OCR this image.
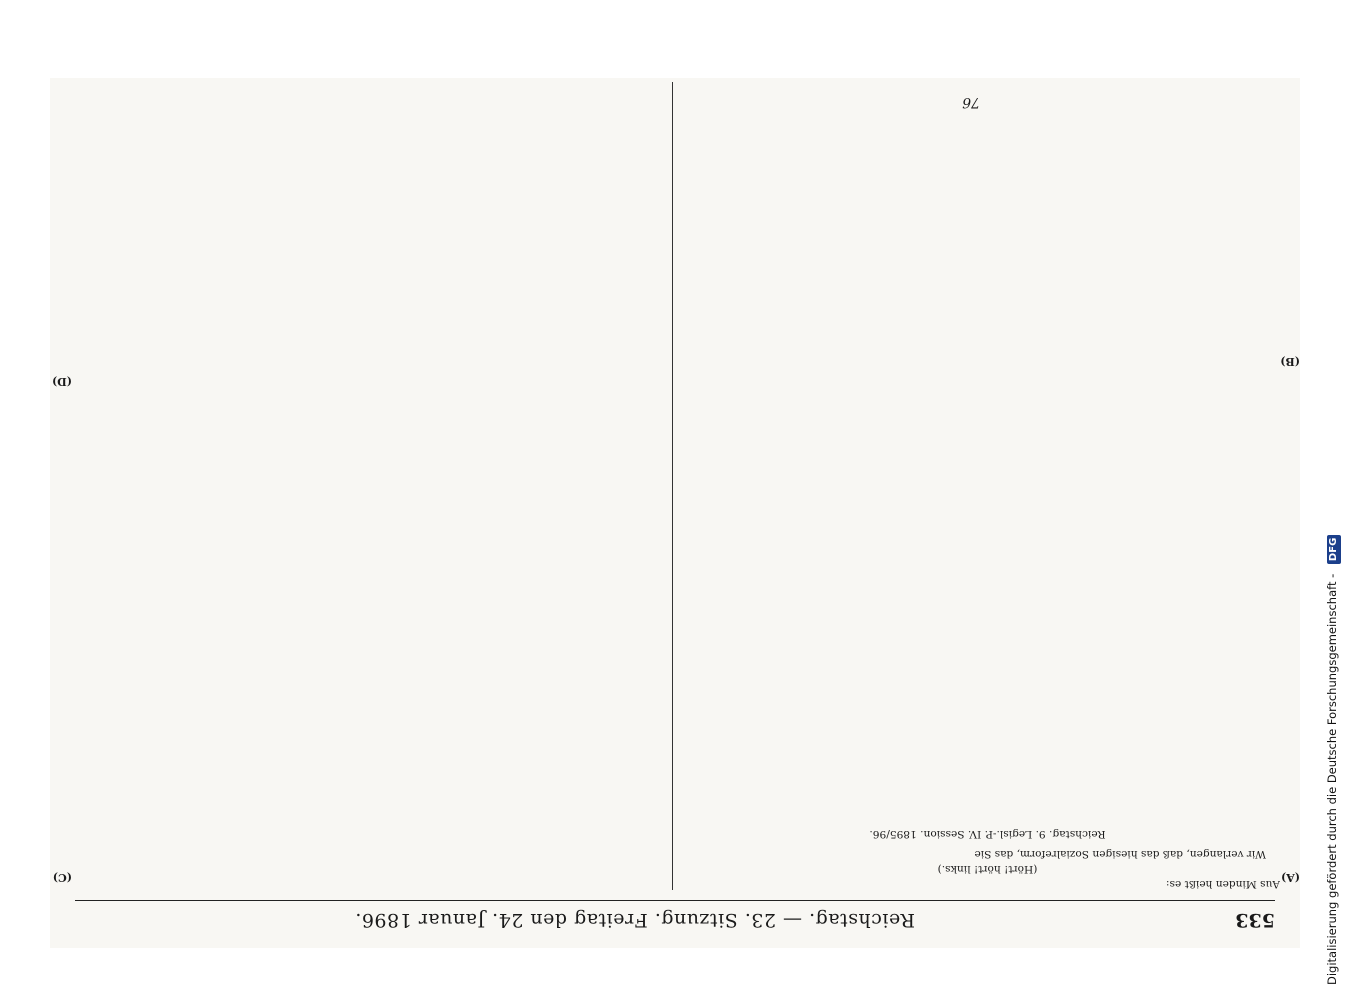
533
Reichstag. — 23. Sitzung. Freitag den 24. Januar 1896.
(A)
(B)
(C)
(D)

Aus Minden heißt es:

(Hört! hört! links.)

Wir verlangen, daß das hiesigen Sozialreform, das Sie

Reichstag. 9. Legisl.-P. IV. Session. 1895/96.

76
Digitalisierung gefördert durch die Deutsche Forschungsgemeinschaft - DFG
